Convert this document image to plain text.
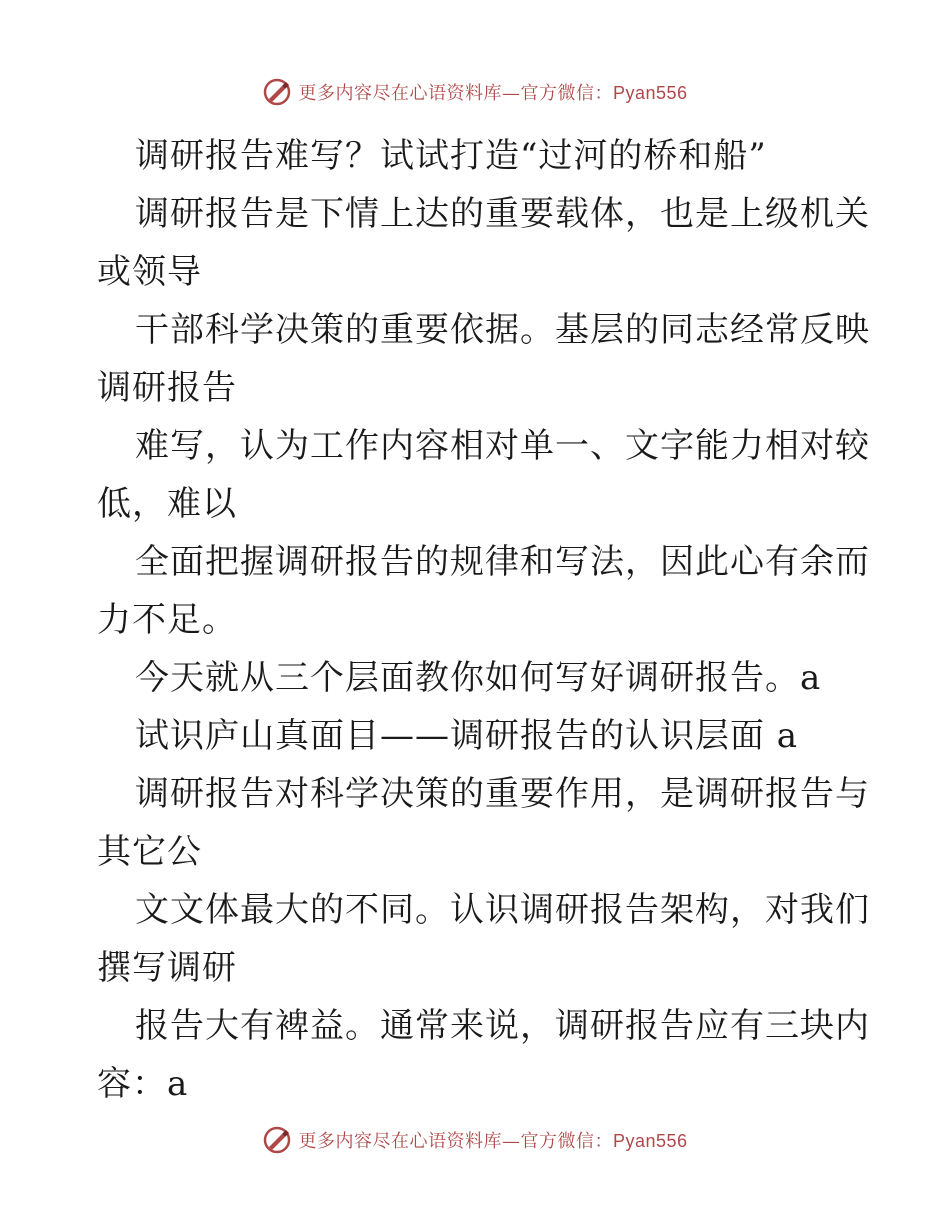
更多内容尽在心语资料库—官方微信：Pyan556
调研报告难写？试试打造“过河的桥和船”
调研报告是下情上达的重要载体，也是上级机关
或领导
干部科学决策的重要依据。基层的同志经常反映
调研报告
难写，认为工作内容相对单一、文字能力相对较
低，难以
全面把握调研报告的规律和写法，因此心有余而
力不足。
今天就从三个层面教你如何写好调研报告。a
试识庐山真面目——调研报告的认识层面 a
调研报告对科学决策的重要作用，是调研报告与
其它公
文文体最大的不同。认识调研报告架构，对我们
撰写调研
报告大有裨益。通常来说，调研报告应有三块内
容：a
更多内容尽在心语资料库—官方微信：Pyan556
